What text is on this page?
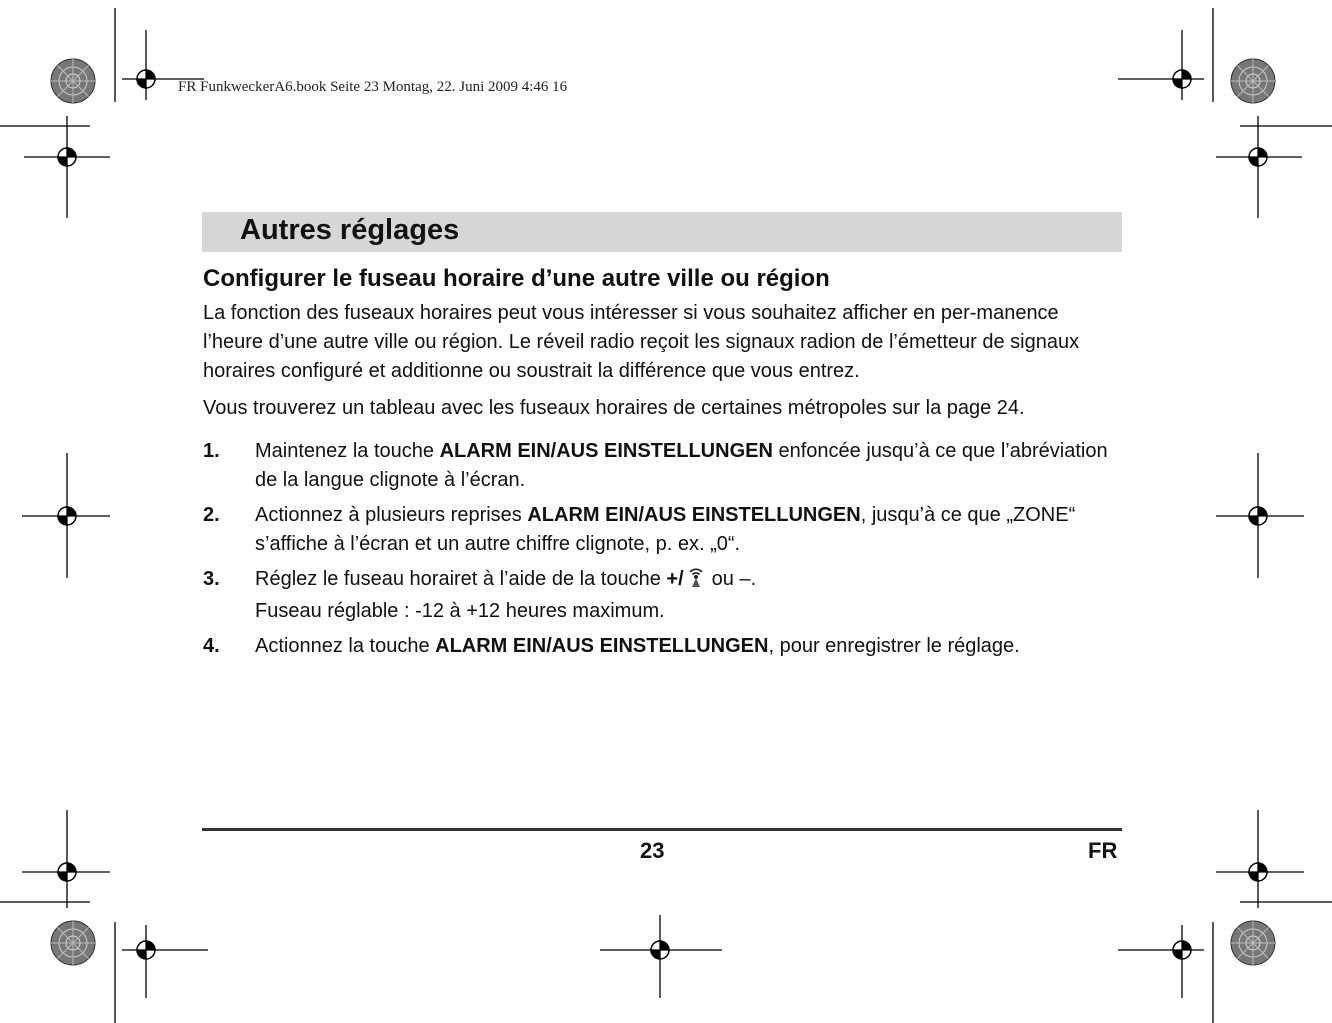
FR FunkweckerA6.book Seite 23 Montag, 22. Juni 2009 4:46 16
Autres réglages
Configurer le fuseau horaire d’une autre ville ou région

La fonction des fuseaux horaires peut vous intéresser si vous souhaitez afficher en per-manence l’heure d’une autre ville ou région. Le réveil radio reçoit les signaux radion de l’émetteur de signaux horaires configuré et additionne ou soustrait la différence que vous entrez.

Vous trouverez un tableau avec les fuseaux horaires de certaines métropoles sur la page 24.

1.	Maintenez la touche ALARM EIN/AUS EINSTELLUNGEN enfoncée jusqu’à ce que l’abréviation de la langue clignote à l’écran.
2.	Actionnez à plusieurs reprises ALARM EIN/AUS EINSTELLUNGEN, jusqu’à ce que „ZONE“ s’affiche à l’écran et un autre chiffre clignote, p. ex. „0“.
3.	Réglez le fuseau horairet à l’aide de la touche +/ ou –.
Fuseau réglable : -12 à +12 heures maximum.
4.	Actionnez la touche ALARM EIN/AUS EINSTELLUNGEN, pour enregistrer le réglage.
23	FR
